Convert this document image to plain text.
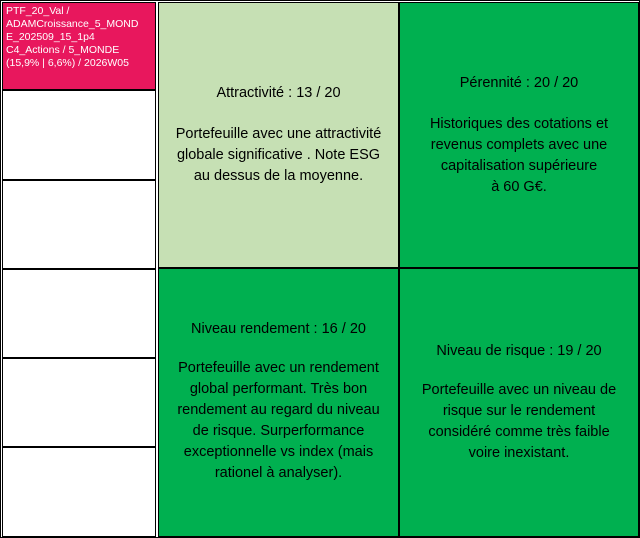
PTF_20_Val /
ADAMCroissance_5_MOND
E_202509_15_1p4
C4_Actions / 5_MONDE
(15,9% | 6,6%) / 2026W05
Attractivité : 13 / 20
Portefeuille avec une attractivité
globale significative . Note ESG
au dessus de la moyenne.
Pérennité : 20 / 20
Historiques des cotations et
revenus complets avec une
capitalisation supérieure
à 60 G€.
Niveau rendement : 16 / 20
Portefeuille avec un rendement
global performant. Très bon
rendement au regard du niveau
de risque. Surperformance
exceptionnelle vs index (mais
rationel à analyser).
Niveau de risque : 19 / 20
Portefeuille avec un niveau de
risque sur le rendement
considéré comme très faible
voire inexistant.
